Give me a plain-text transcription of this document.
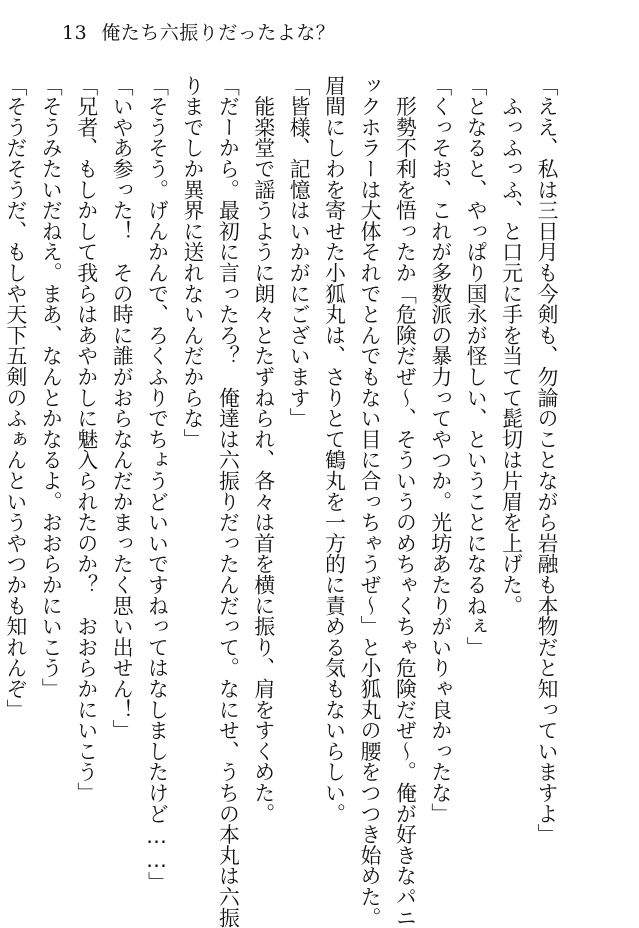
13 俺たち六振りだったよな？

「ええ、私は三日月も今剣も、勿論のことながら岩融も本物だと知っていますよ」

　ふっふっふ、と口元に手を当てて髭切は片眉を上げた。

「となると、やっぱり国永が怪しい、ということになるねぇ」

「くっそお、これが多数派の暴力ってやつか。光坊あたりがいりゃ良かったな」

　形勢不利を悟ったか「危険だぜ～、そういうのめちゃくちゃ危険だぜ～。俺が好きなパニ

ックホラーは大体それでとんでもない目に合っちゃうぜ～」と小狐丸の腰をつつき始めた。

眉間にしわを寄せた小狐丸は、さりとて鶴丸を一方的に責める気もないらしい。

「皆様、記憶はいかがにございます」

　能楽堂で謡うように朗々とたずねられ、各々は首を横に振り、肩をすくめた。

「だーから。最初に言ったろ？　俺達は六振りだったんだって。なにせ、うちの本丸は六振

りまでしか異界に送れないんだからな」

「そうそう。げんかんで、ろくふりでちょうどいいですねってはなしましたけど……」

「いやあ参った！　その時に誰がおらなんだかまったく思い出せん！」

「兄者、もしかして我らはあやかしに魅入られたのか？　おおらかにいこう」

「そうみたいだねえ。まあ、なんとかなるよ。おおらかにいこう」

「そうだそうだ、もしや天下五剣のふぁんというやつかも知れんぞ」
